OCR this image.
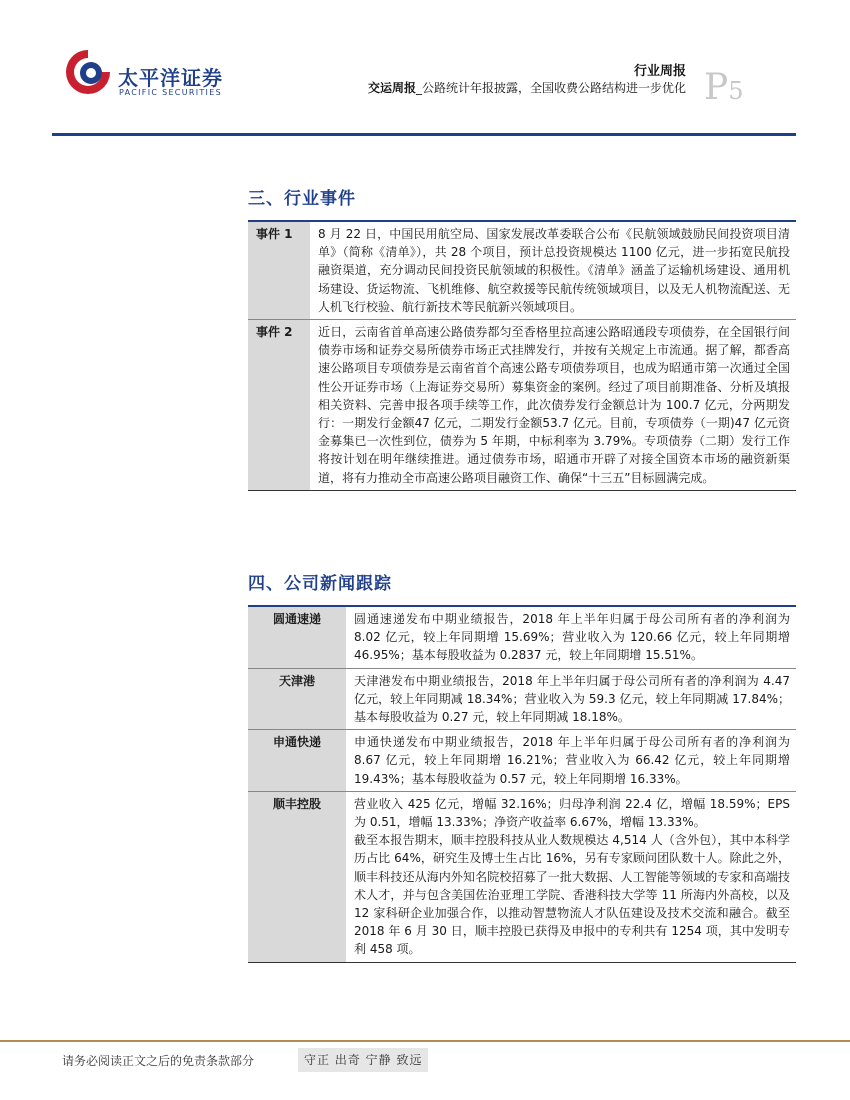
太平洋证券
PACIFIC SECURITIES
行业周报
交运周报_公路统计年报披露，全国收费公路结构进一步优化 P5
三、行业事件
事件 1	8 月 22 日，中国民用航空局、国家发展改革委联合公布《民航领域鼓励民间投资项目清单》（简称《清单》），共 28 个项目，预计总投资规模达 1100 亿元，进一步拓宽民航投融资渠道，充分调动民间投资民航领域的积极性。《清单》涵盖了运输机场建设、通用机场建设、货运物流、飞机维修、航空救援等民航传统领域项目，以及无人机物流配送、无人机飞行校验、航行新技术等民航新兴领域项目。
事件 2	近日，云南省首单高速公路债券都匀至香格里拉高速公路昭通段专项债券，在全国银行间债券市场和证券交易所债券市场正式挂牌发行，并按有关规定上市流通。据了解，都香高速公路项目专项债券是云南省首个高速公路专项债券项目，也成为昭通市第一次通过全国性公开证券市场（上海证券交易所）募集资金的案例。经过了项目前期准备、分析及填报相关资料、完善申报各项手续等工作，此次债券发行金额总计为 100.7 亿元，分两期发行：一期发行金额47 亿元，二期发行金额53.7 亿元。目前，专项债券（一期)47 亿元资金募集已一次性到位，债券为 5 年期，中标利率为 3.79%。专项债券（二期）发行工作将按计划在明年继续推进。通过债券市场，昭通市开辟了对接全国资本市场的融资新渠道，将有力推动全市高速公路项目融资工作、确保“十三五”目标圆满完成。
四、公司新闻跟踪
圆通速递	圆通速递发布中期业绩报告，2018 年上半年归属于母公司所有者的净利润为 8.02 亿元，较上年同期增 15.69%；营业收入为 120.66 亿元，较上年同期增 46.95%；基本每股收益为 0.2837 元，较上年同期增 15.51%。
天津港	天津港发布中期业绩报告，2018 年上半年归属于母公司所有者的净利润为 4.47 亿元，较上年同期减 18.34%；营业收入为 59.3 亿元，较上年同期减 17.84%；基本每股收益为 0.27 元，较上年同期减 18.18%。
申通快递	申通快递发布中期业绩报告，2018 年上半年归属于母公司所有者的净利润为 8.67 亿元，较上年同期增 16.21%；营业收入为 66.42 亿元，较上年同期增 19.43%；基本每股收益为 0.57 元，较上年同期增 16.33%。
顺丰控股	营业收入 425 亿元，增幅 32.16%；归母净利润 22.4 亿，增幅 18.59%；EPS 为 0.51，增幅 13.33%；净资产收益率 6.67%，增幅 13.33%。
截至本报告期末，顺丰控股科技从业人数规模达 4,514 人（含外包），其中本科学历占比 64%，研究生及博士生占比 16%，另有专家顾问团队数十人。除此之外，顺丰科技还从海内外知名院校招募了一批大数据、人工智能等领域的专家和高端技术人才，并与包含美国佐治亚理工学院、香港科技大学等 11 所海内外高校，以及 12 家科研企业加强合作，以推动智慧物流人才队伍建设及技术交流和融合。截至 2018 年 6 月 30 日，顺丰控股已获得及申报中的专利共有 1254 项，其中发明专利 458 项。
请务必阅读正文之后的免责条款部分	守正 出奇 宁静 致远
